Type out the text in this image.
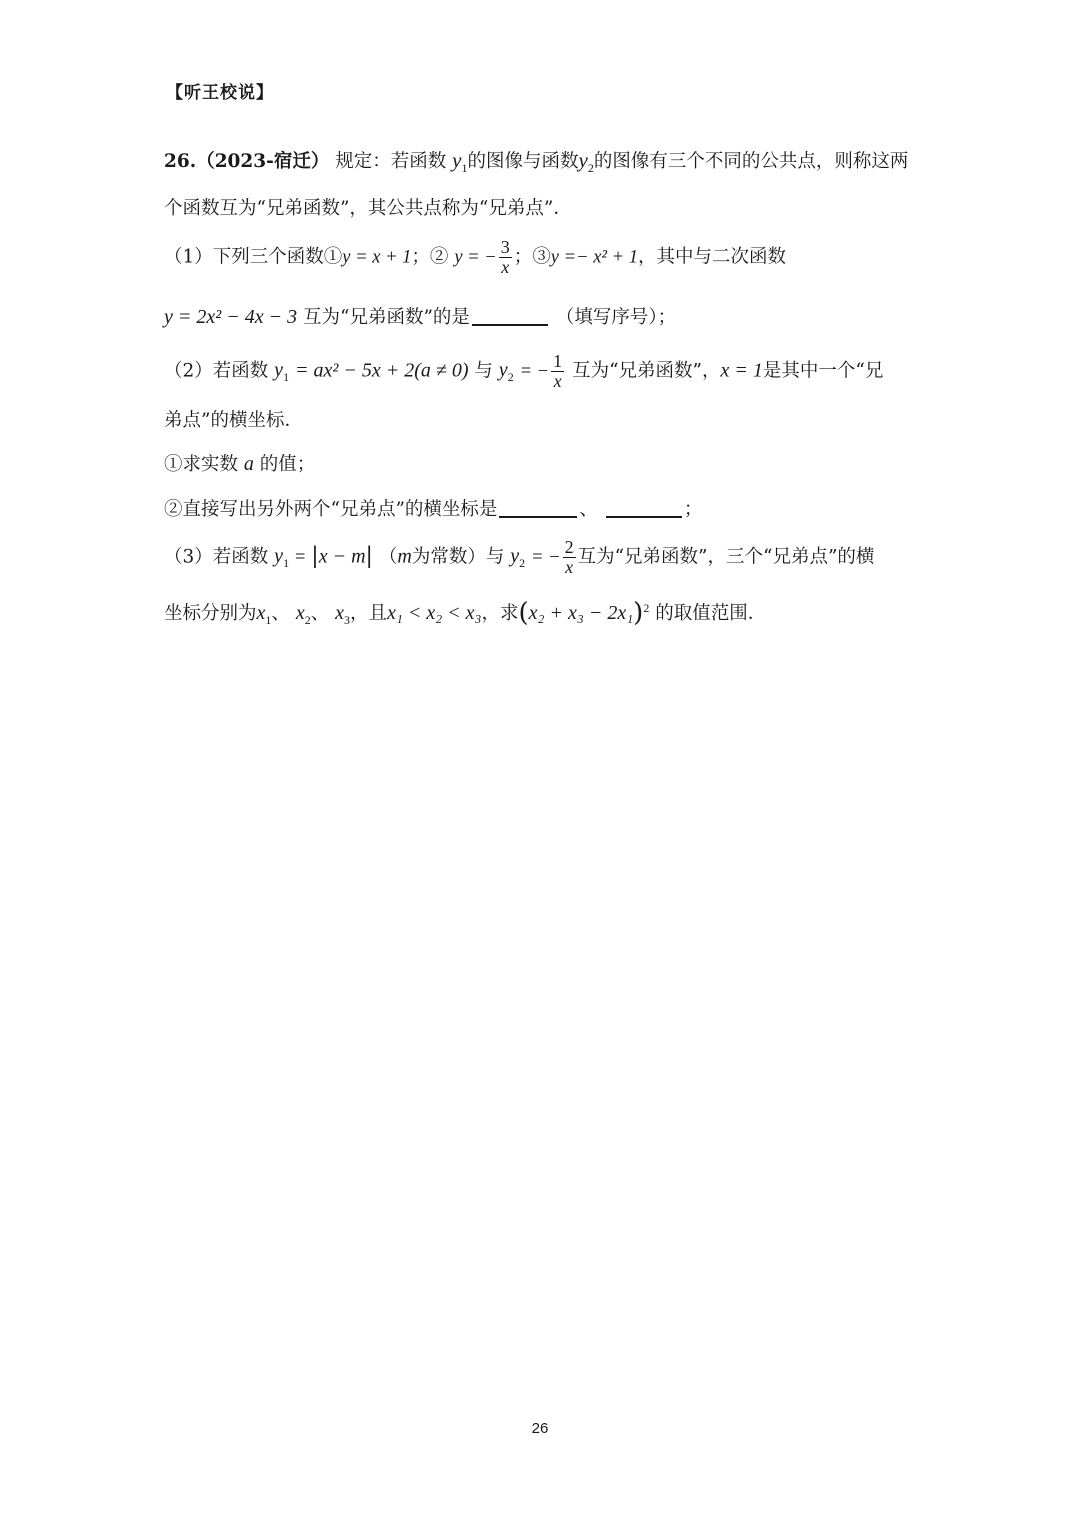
【听王校说】
26.（2023-宿迁） 规定：若函数 $y_1$的图像与函数$y_2$的图像有三个不同的公共点，则称这两
个函数互为“兄弟函数”，其公共点称为“兄弟点”．
（1）下列三个函数①y = x + 1；② y = − $\frac{3}{x}$ ；③y =− x² + 1，其中与二次函数
y = 2x² − 4x − 3 互为“兄弟函数”的是	（填写序号）；
（2）若函数 $y_1 = ax^2 - 5x + 2(a \ne 0)$ 与 $y_2$ = − $\frac{1}{x}$ 互为“兄弟函数”，x = 1是其中一个“兄
弟点”的横坐标．
①求实数 a 的值；
②直接写出另外两个“兄弟点”的横坐标是	、	；
（3）若函数 $y_1 = |x - m|$ （m为常数）与 $y_2$ = − $\frac{2}{x}$ 互为“兄弟函数”，三个“兄弟点”的横
坐标分别为$x_1$、 $x_2$、 $x_3$，且x₁ < x₂ < x₃，求$(x_2 + x_3 - 2x_1)^2$ 的取值范围．
26
